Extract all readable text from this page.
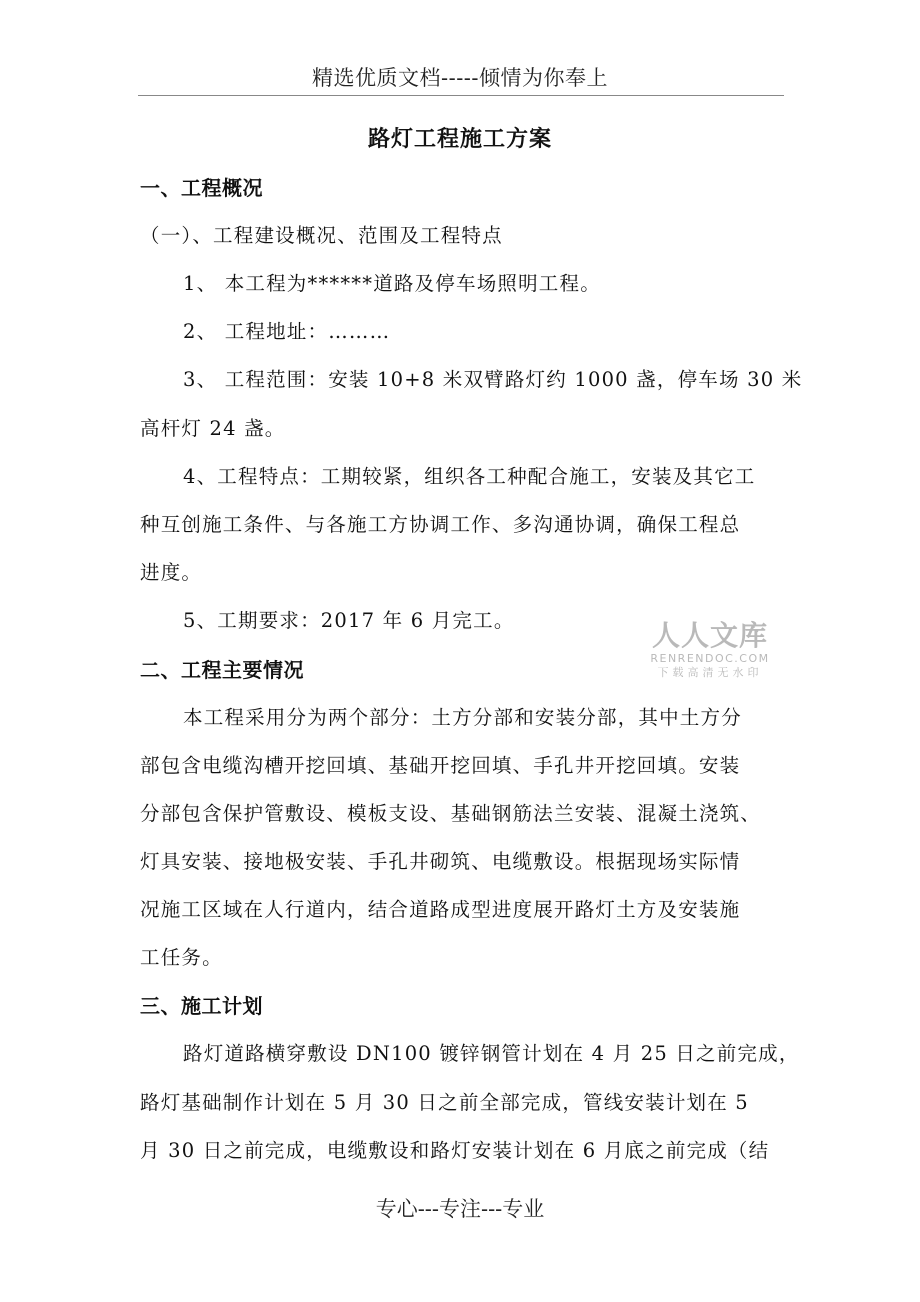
精选优质文档-----倾情为你奉上
路灯工程施工方案
一、工程概况
（一）、工程建设概况、范围及工程特点
1、 本工程为******道路及停车场照明工程。
2、 工程地址：………
3、 工程范围：安装 10+8 米双臂路灯约 1000 盏，停车场 30 米
高杆灯 24 盏。
4、工程特点：工期较紧，组织各工种配合施工，安装及其它工
种互创施工条件、与各施工方协调工作、多沟通协调，确保工程总
进度。
5、工期要求：2017 年 6 月完工。
二、工程主要情况
本工程采用分为两个部分：土方分部和安装分部，其中土方分
部包含电缆沟槽开挖回填、基础开挖回填、手孔井开挖回填。安装
分部包含保护管敷设、模板支设、基础钢筋法兰安装、混凝土浇筑、
灯具安装、接地极安装、手孔井砌筑、电缆敷设。根据现场实际情
况施工区域在人行道内，结合道路成型进度展开路灯土方及安装施
工任务。
三、施工计划
路灯道路横穿敷设 DN100 镀锌钢管计划在 4 月 25 日之前完成，
路灯基础制作计划在 5 月 30 日之前全部完成，管线安装计划在 5
月 30 日之前完成，电缆敷设和路灯安装计划在 6 月底之前完成（结
人人文库
RENRENDOC.COM
下载高清无水印
专心---专注---专业
